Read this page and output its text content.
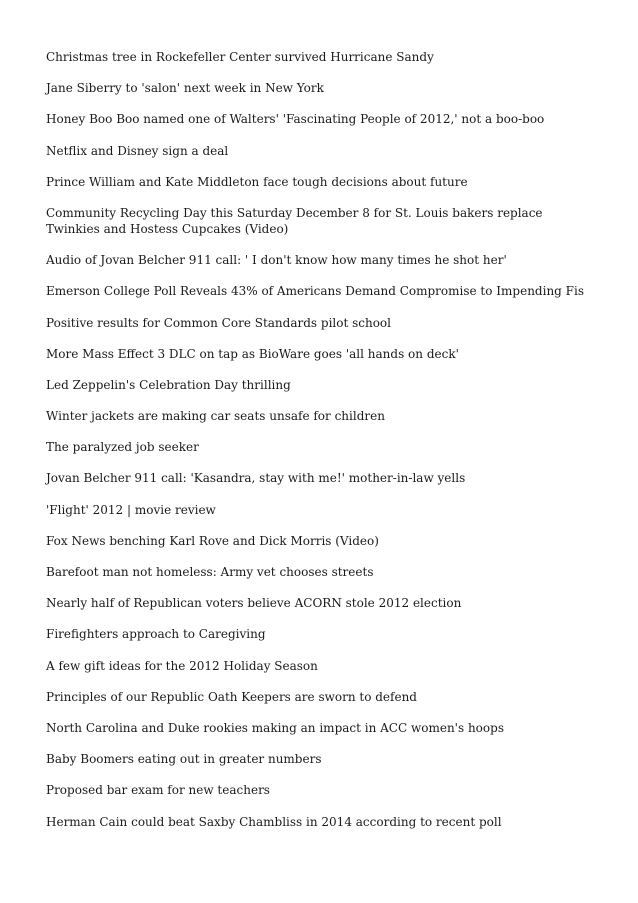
Christmas tree in Rockefeller Center survived Hurricane Sandy
Jane Siberry to 'salon' next week in New York
Honey Boo Boo named one of Walters' 'Fascinating People of 2012,' not a boo-boo
Netflix and Disney sign a deal
Prince William and Kate Middleton face tough decisions about future
Community Recycling Day this Saturday December 8 for St. Louis bakers replace Twinkies and Hostess Cupcakes (Video)
Audio of Jovan Belcher 911 call: ' I don't know how many times he shot her'
Emerson College Poll Reveals 43% of Americans Demand Compromise to Impending Fis
Positive results for Common Core Standards pilot school
More Mass Effect 3 DLC on tap as BioWare goes 'all hands on deck'
Led Zeppelin's Celebration Day thrilling
Winter jackets are making car seats unsafe for children
The paralyzed job seeker
Jovan Belcher 911 call: 'Kasandra, stay with me!' mother-in-law yells
'Flight' 2012 | movie review
Fox News benching Karl Rove and Dick Morris (Video)
Barefoot man not homeless: Army vet chooses streets
Nearly half of Republican voters believe ACORN stole 2012 election
Firefighters approach to Caregiving
A few gift ideas for the 2012 Holiday Season
Principles of our Republic Oath Keepers are sworn to defend
North Carolina and Duke rookies making an impact in ACC women's hoops
Baby Boomers eating out in greater numbers
Proposed bar exam for new teachers
Herman Cain could beat Saxby Chambliss in 2014 according to recent poll
